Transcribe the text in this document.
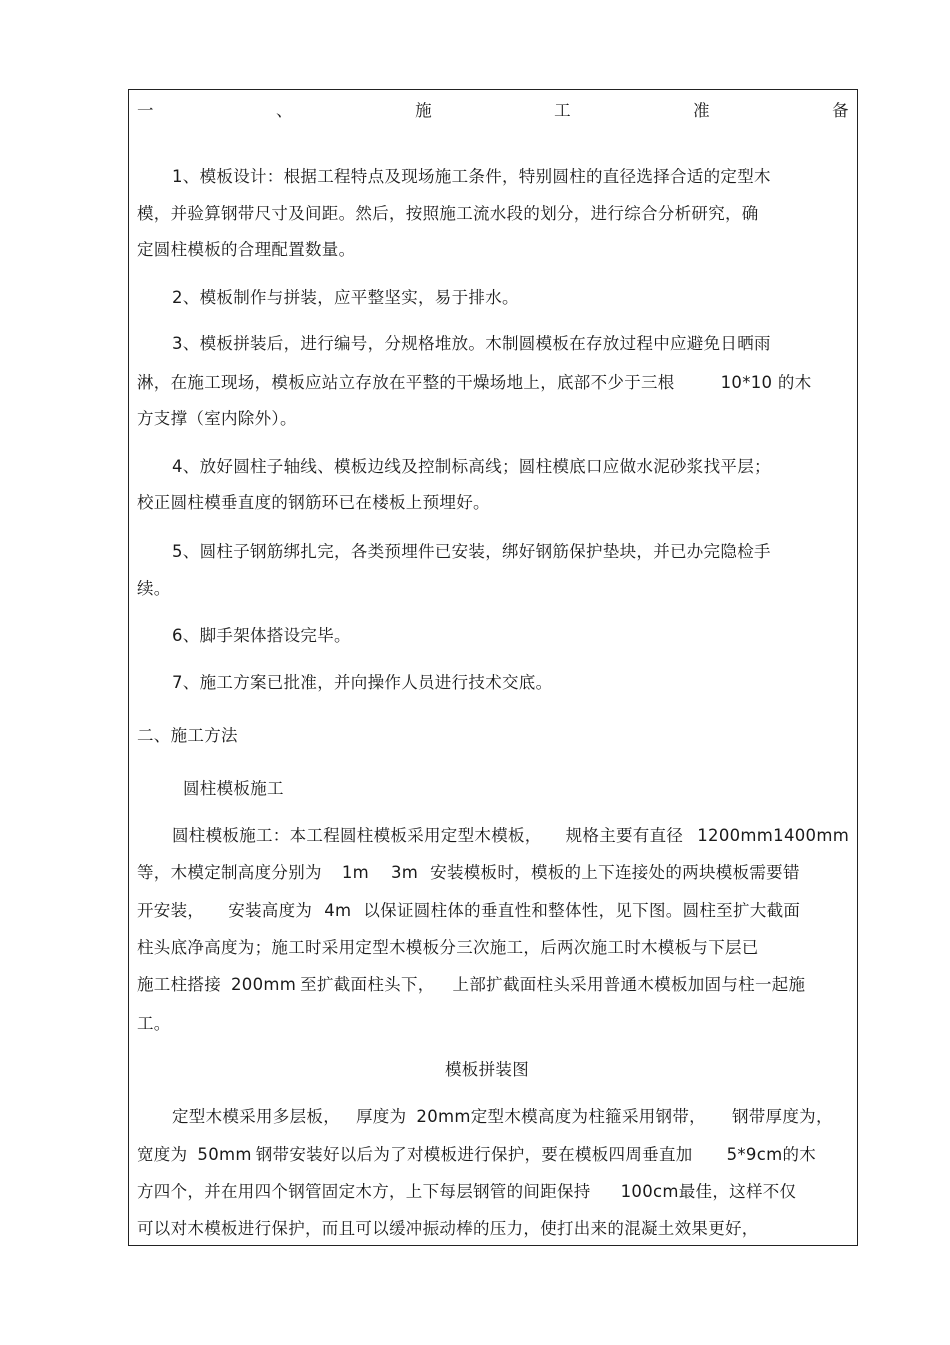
一	、	施	工	准	备
1、模板设计：根据工程特点及现场施工条件，特别圆柱的直径选择合适的定型木
模，并验算钢带尺寸及间距。然后，按照施工流水段的划分，进行综合分析研究，确
定圆柱模板的合理配置数量。
2、模板制作与拼装，应平整坚实，易于排水。
3、模板拼装后，进行编号，分规格堆放。木制圆模板在存放过程中应避免日晒雨
淋，在施工现场，模板应站立存放在平整的干燥场地上，底部不少于三根	10*10 的木
方支撑（室内除外）。
4、放好圆柱子轴线、模板边线及控制标高线；圆柱模底口应做水泥砂浆找平层；
校正圆柱模垂直度的钢筋环已在楼板上预埋好。
5、圆柱子钢筋绑扎完，各类预埋件已安装，绑好钢筋保护垫块，并已办完隐检手
续。
6、脚手架体搭设完毕。
7、施工方案已批准，并向操作人员进行技术交底。
二、施工方法
圆柱模板施工
圆柱模板施工：本工程圆柱模板采用定型木模板， 规格主要有直径 1200mm1400mm
等，木模定制高度分别为 1m 3m 安装模板时，模板的上下连接处的两块模板需要错
开安装， 安装高度为 4m 以保证圆柱体的垂直性和整体性，见下图。圆柱至扩大截面
柱头底净高度为；施工时采用定型木模板分三次施工，后两次施工时木模板与下层已
施工柱搭接 200mm 至扩截面柱头下， 上部扩截面柱头采用普通木模板加固与柱一起施
工。
模板拼装图
定型木模采用多层板， 厚度为 20mm定型木模高度为柱箍采用钢带， 钢带厚度为，
宽度为 50mm 钢带安装好以后为了对模板进行保护，要在模板四周垂直加 5*9cm的木
方四个，并在用四个钢管固定木方，上下每层钢管的间距保持 100cm最佳，这样不仅
可以对木模板进行保护，而且可以缓冲振动棒的压力，使打出来的混凝土效果更好，
